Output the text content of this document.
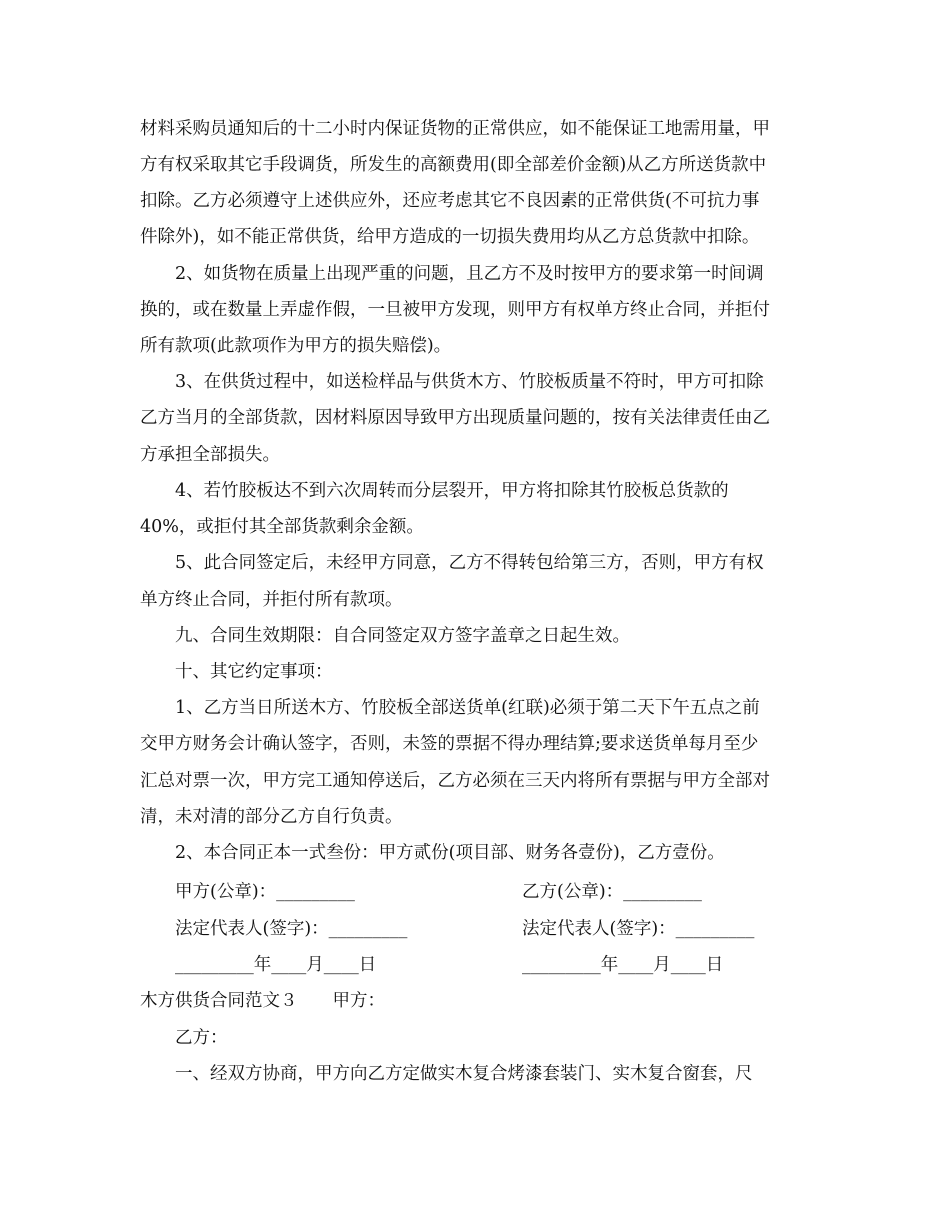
材料采购员通知后的十二小时内保证货物的正常供应，如不能保证工地需用量，甲
方有权采取其它手段调货，所发生的高额费用(即全部差价金额)从乙方所送货款中
扣除。乙方必须遵守上述供应外，还应考虑其它不良因素的正常供货(不可抗力事
件除外)，如不能正常供货，给甲方造成的一切损失费用均从乙方总货款中扣除。
2、如货物在质量上出现严重的问题，且乙方不及时按甲方的要求第一时间调
换的，或在数量上弄虚作假，一旦被甲方发现，则甲方有权单方终止合同，并拒付
所有款项(此款项作为甲方的损失赔偿)。
3、在供货过程中，如送检样品与供货木方、竹胶板质量不符时，甲方可扣除
乙方当月的全部货款，因材料原因导致甲方出现质量问题的，按有关法律责任由乙
方承担全部损失。
4、若竹胶板达不到六次周转而分层裂开，甲方将扣除其竹胶板总货款的
40%，或拒付其全部货款剩余金额。
5、此合同签定后，未经甲方同意，乙方不得转包给第三方，否则，甲方有权
单方终止合同，并拒付所有款项。
九、合同生效期限：自合同签定双方签字盖章之日起生效。
十、其它约定事项：
1、乙方当日所送木方、竹胶板全部送货单(红联)必须于第二天下午五点之前
交甲方财务会计确认签字，否则，未签的票据不得办理结算;要求送货单每月至少
汇总对票一次，甲方完工通知停送后，乙方必须在三天内将所有票据与甲方全部对
清，未对清的部分乙方自行负责。
2、本合同正本一式叁份：甲方贰份(项目部、财务各壹份)，乙方壹份。
甲方(公章)：_________	乙方(公章)：_________
法定代表人(签字)：_________	法定代表人(签字)：_________
_________年____月____日	_________年____月____日
木方供货合同范文３　　甲方：
乙方：
一、经双方协商，甲方向乙方定做实木复合烤漆套装门、实木复合窗套，尺
